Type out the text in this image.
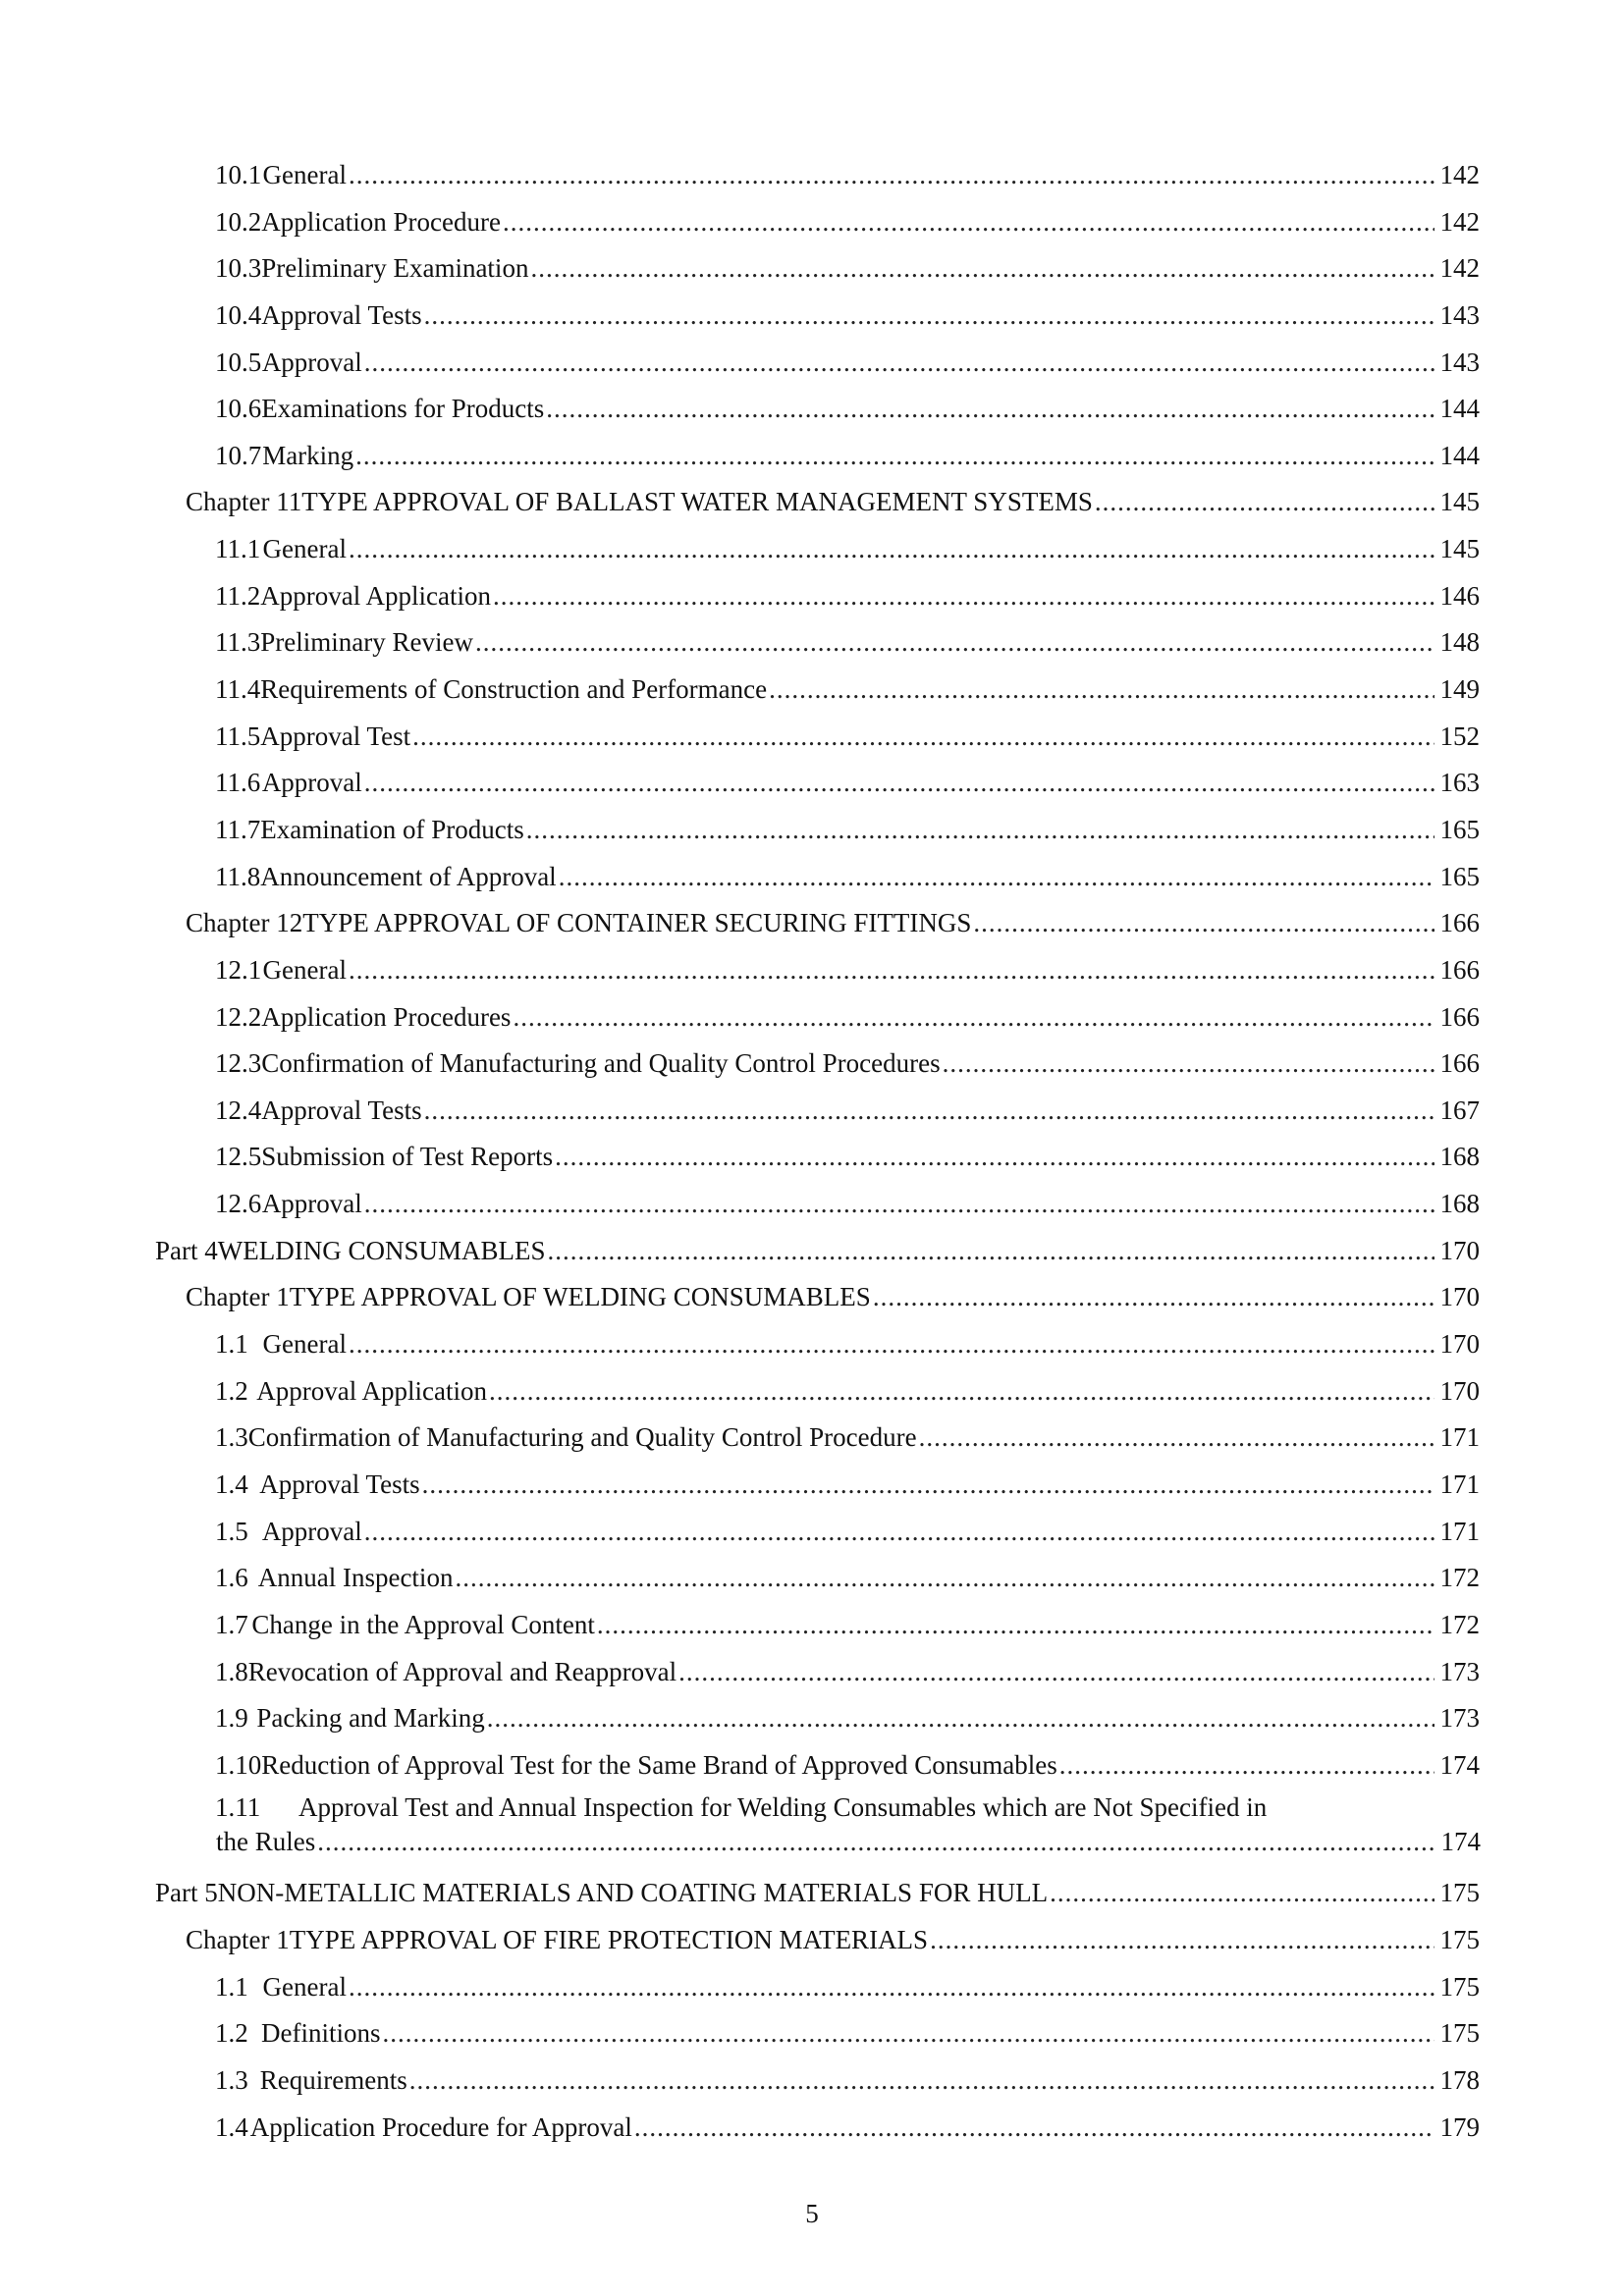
10.1 General .....	142
10.2 Application Procedure .....	142
10.3 Preliminary Examination .....	142
10.4 Approval Tests .....	143
10.5 Approval .....	143
10.6 Examinations for Products .....	144
10.7 Marking .....	144
Chapter 11 TYPE APPROVAL OF BALLAST WATER MANAGEMENT SYSTEMS .....	145
11.1 General .....	145
11.2 Approval Application .....	146
11.3 Preliminary Review .....	148
11.4 Requirements of Construction and Performance .....	149
11.5 Approval Test .....	152
11.6 Approval .....	163
11.7 Examination of Products .....	165
11.8 Announcement of Approval .....	165
Chapter 12 TYPE APPROVAL OF CONTAINER SECURING FITTINGS .....	166
12.1 General .....	166
12.2 Application Procedures .....	166
12.3 Confirmation of Manufacturing and Quality Control Procedures .....	166
12.4 Approval Tests .....	167
12.5 Submission of Test Reports .....	168
12.6 Approval .....	168
Part 4 WELDING CONSUMABLES .....	170
Chapter 1 TYPE APPROVAL OF WELDING CONSUMABLES .....	170
1.1 General .....	170
1.2 Approval Application .....	170
1.3 Confirmation of Manufacturing and Quality Control Procedure .....	171
1.4 Approval Tests .....	171
1.5 Approval .....	171
1.6 Annual Inspection .....	172
1.7 Change in the Approval Content .....	172
1.8 Revocation of Approval and Reapproval .....	173
1.9 Packing and Marking .....	173
1.10 Reduction of Approval Test for the Same Brand of Approved Consumables .....	174
1.11 Approval Test and Annual Inspection for Welding Consumables which are Not Specified in
the Rules .....	174
Part 5 NON-METALLIC MATERIALS AND COATING MATERIALS FOR HULL .....	175
Chapter 1 TYPE APPROVAL OF FIRE PROTECTION MATERIALS .....	175
1.1 General .....	175
1.2 Definitions .....	175
1.3 Requirements .....	178
1.4 Application Procedure for Approval .....	179
5
